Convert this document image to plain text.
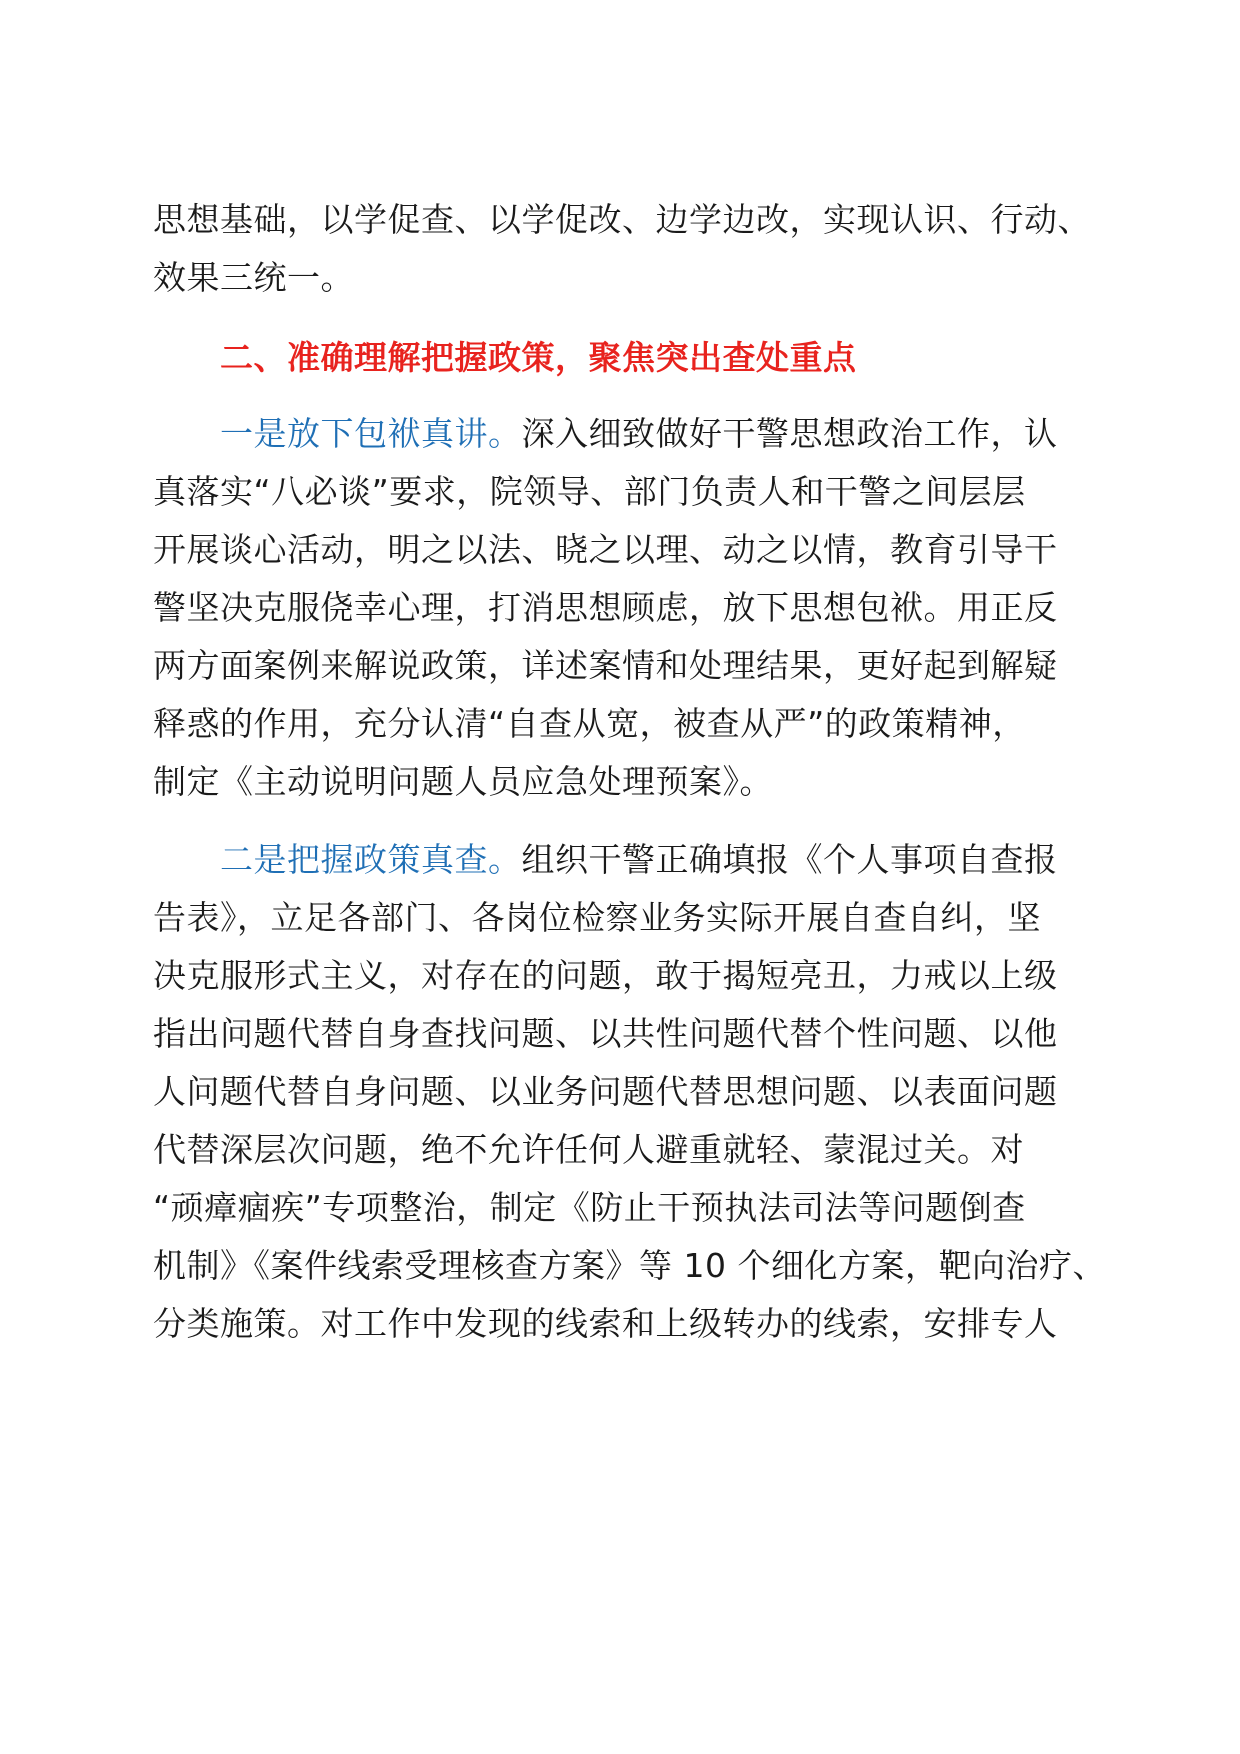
思想基础，以学促查、以学促改、边学边改，实现认识、行动、
效果三统一。
二、准确理解把握政策，聚焦突出查处重点
一是放下包袱真讲。深入细致做好干警思想政治工作，认
真落实“八必谈”要求，院领导、部门负责人和干警之间层层
开展谈心活动，明之以法、晓之以理、动之以情，教育引导干
警坚决克服侥幸心理，打消思想顾虑，放下思想包袱。用正反
两方面案例来解说政策，详述案情和处理结果，更好起到解疑
释惑的作用，充分认清“自查从宽，被查从严”的政策精神，
制定《主动说明问题人员应急处理预案》。
二是把握政策真查。组织干警正确填报《个人事项自查报
告表》，立足各部门、各岗位检察业务实际开展自查自纠，坚
决克服形式主义，对存在的问题，敢于揭短亮丑，力戒以上级
指出问题代替自身查找问题、以共性问题代替个性问题、以他
人问题代替自身问题、以业务问题代替思想问题、以表面问题
代替深层次问题，绝不允许任何人避重就轻、蒙混过关。对
“顽瘴痼疾”专项整治，制定《防止干预执法司法等问题倒查
机制》《案件线索受理核查方案》等 10 个细化方案，靶向治疗、
分类施策。对工作中发现的线索和上级转办的线索，安排专人
